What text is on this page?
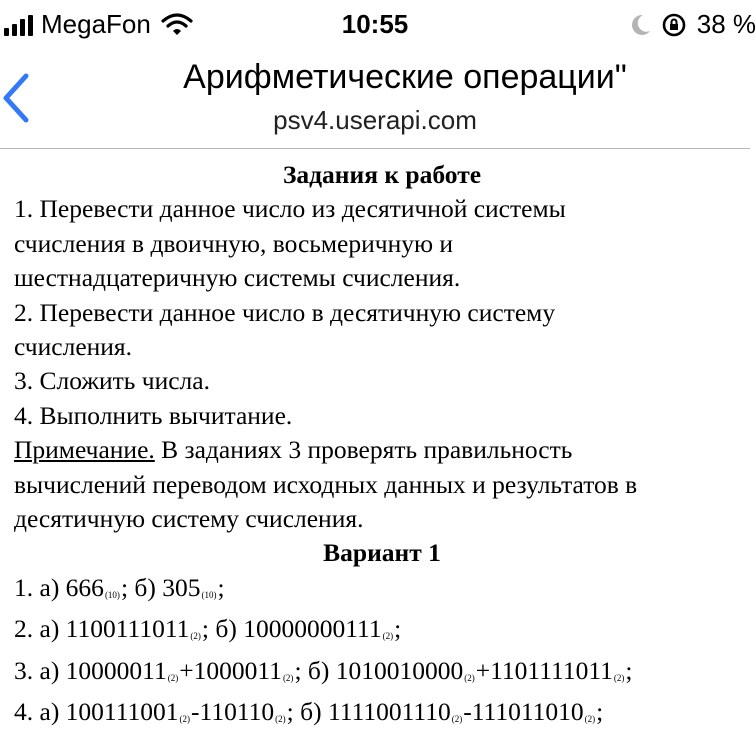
MegaFon	10:55	38 %
Арифметические операции"
psv4.userapi.com

Задания к работе

1. Перевести данное число из десятичной системы

счисления в двоичную, восьмеричную и

шестнадцатеричную системы счисления.

2. Перевести данное число в десятичную систему

счисления.

3. Сложить числа.

4. Выполнить вычитание.

Примечание. В заданиях 3 проверять правильность

вычислений переводом исходных данных и результатов в

десятичную систему счисления.

Вариант 1

1. а) $666_{(10)}$; б) $305_{(10)}$;

2. а) $1100111011_{(2)}$; б) $10000000111_{(2)}$;

3. а) $10000011_{(2)}+1000011_{(2)}$; б) $1010010000_{(2)}+1101111011_{(2)}$;

4. а) $100111001_{(2)}-110110_{(2)}$; б) $1111001110_{(2)}-111011010_{(2)}$;
